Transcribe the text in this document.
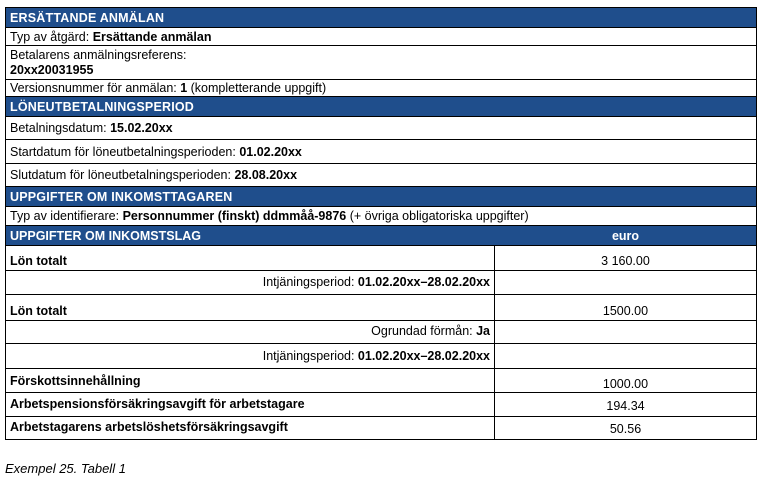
ERSÄTTANDE ANMÄLAN
Typ av åtgärd: Ersättande anmälan
Betalarens anmälningsreferens:
20xx20031955
Versionsnummer för anmälan: 1 (kompletterande uppgift)
LÖNEUTBETALNINGSPERIOD
Betalningsdatum: 15.02.20xx
Startdatum för löneutbetalningsperioden: 01.02.20xx
Slutdatum för löneutbetalningsperioden: 28.08.20xx
UPPGIFTER OM INKOMSTTAGAREN
Typ av identifierare: Personnummer (finskt) ddmmåå-9876 (+ övriga obligatoriska uppgifter)
UPPGIFTER OM INKOMSTSLAG	euro
Lön totalt
Intjäningsperiod: 01.02.20xx–28.02.20xx
Lön totalt
Ogrundad förmån: Ja
Intjäningsperiod: 01.02.20xx–28.02.20xx
Förskottsinnehållning
Arbetspensionsförsäkringsavgift för arbetstagare
Arbetstagarens arbetslöshetsförsäkringsavgift
3 160.00
1500.00
1000.00
194.34
50.56
Exempel 25. Tabell 1
